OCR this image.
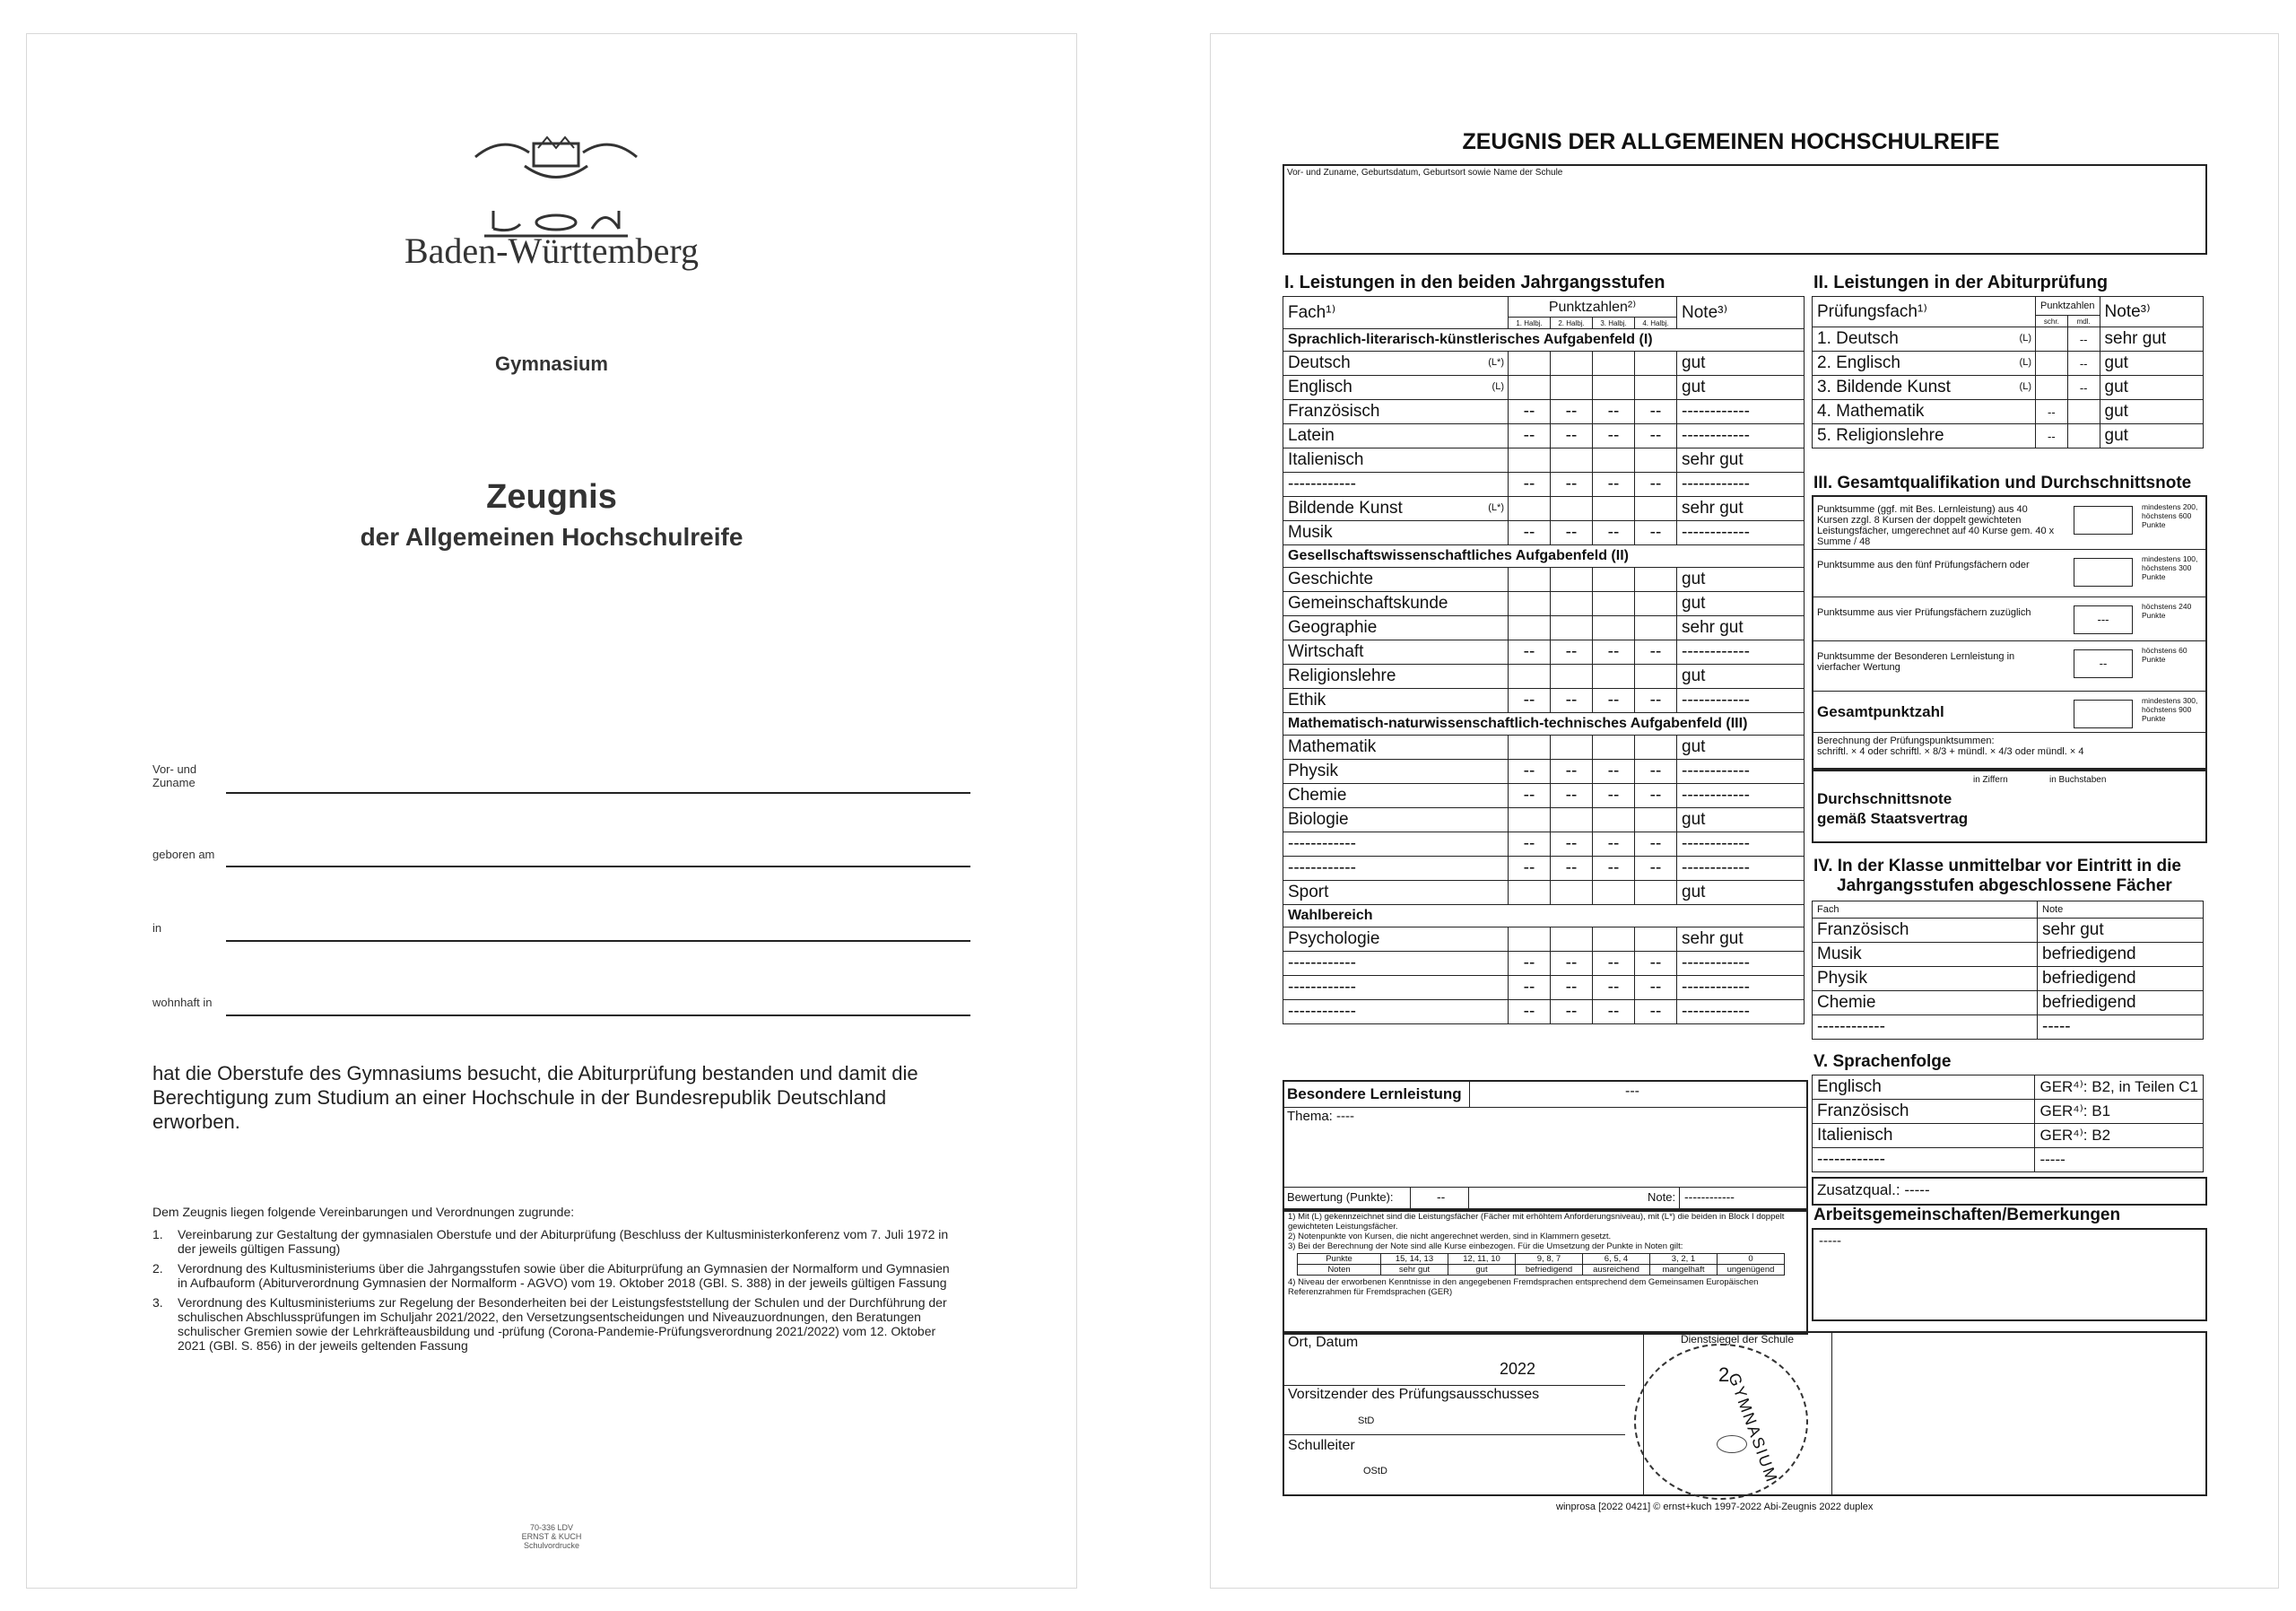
Baden-Württemberg
Gymnasium
Zeugnis
der Allgemeinen Hochschulreife
Vor- und
Zuname
geboren am
in
wohnhaft in
hat die Oberstufe des Gymnasiums besucht, die Abiturprüfung bestanden und damit die Berechtigung zum Studium an einer Hochschule in der Bundesrepublik Deutschland erworben.
Dem Zeugnis liegen folgende Vereinbarungen und Verordnungen zugrunde:
1.	Vereinbarung zur Gestaltung der gymnasialen Oberstufe und der Abiturprüfung (Beschluss der Kultusministerkonferenz vom 7. Juli 1972 in der jeweils gültigen Fassung)
2.	Verordnung des Kultusministeriums über die Jahrgangsstufen sowie über die Abiturprüfung an Gymnasien der Normalform und Gymnasien in Aufbauform (Abiturverordnung Gymnasien der Normalform - AGVO) vom 19. Oktober 2018 (GBl. S. 388) in der jeweils gültigen Fassung
3.	Verordnung des Kultusministeriums zur Regelung der Besonderheiten bei der Leistungsfeststellung der Schulen und der Durchführung der schulischen Abschlussprüfungen im Schuljahr 2021/2022, den Versetzungsentscheidungen und Niveauzuordnungen, den Beratungen schulischer Gremien sowie der Lehrkräfteausbildung und -prüfung (Corona-Pandemie-Prüfungsverordnung 2021/2022) vom 12. Oktober 2021 (GBl. S. 856) in der jeweils geltenden Fassung
70-336 LDV
ERNST & KUCH
Schulvordrucke
ZEUGNIS DER ALLGEMEINEN HOCHSCHULREIFE
Vor- und Zuname, Geburtsdatum, Geburtsort sowie Name der Schule
I. Leistungen in den beiden Jahrgangsstufen
Fach¹⁾	Punktzahlen²⁾				Note³⁾
	1. Halbj.	2. Halbj.	3. Halbj.	4. Halbj.	
Sprachlich-literarisch-künstlerisches Aufgabenfeld (I)					
Deutsch (L*)					gut
Englisch (L)					gut
Französisch	--	--	--	--	------------
Latein	--	--	--	--	------------
Italienisch					sehr gut
------------	--	--	--	--	------------
Bildende Kunst (L*)					sehr gut
Musik	--	--	--	--	------------
Gesellschaftswissenschaftliches Aufgabenfeld (II)					
Geschichte					gut
Gemeinschaftskunde					gut
Geographie					sehr gut
Wirtschaft	--	--	--	--	------------
Religionslehre					gut
Ethik	--	--	--	--	------------
Mathematisch-naturwissenschaftlich-technisches Aufgabenfeld (III)					
Mathematik					gut
Physik	--	--	--	--	------------
Chemie	--	--	--	--	------------
Biologie					gut
------------	--	--	--	--	------------
------------	--	--	--	--	------------
Sport					gut
Wahlbereich					
Psychologie					sehr gut
------------	--	--	--	--	------------
------------	--	--	--	--	------------
------------	--	--	--	--	------------
Besondere Lernleistung	---
Thema: ----
Bewertung (Punkte):	--	Note: ------------
1) Mit (L) gekennzeichnet sind die Leistungsfächer (Fächer mit erhöhtem Anforderungsniveau), mit (L*) die beiden in Block I doppelt gewichteten Leistungsfächer.
2) Notenpunkte von Kursen, die nicht angerechnet werden, sind in Klammern gesetzt.
3) Bei der Berechnung der Note sind alle Kurse einbezogen. Für die Umsetzung der Punkte in Noten gilt:
Punkte	15, 14, 13	12, 11, 10	9, 8, 7	6, 5, 4	3, 2, 1	0
Noten	sehr gut	gut	befriedigend	ausreichend	mangelhaft	ungenügend
4) Niveau der erworbenen Kenntnisse in den angegebenen Fremdsprachen entsprechend dem Gemeinsamen Europäischen Referenzrahmen für Fremdsprachen (GER)
II. Leistungen in der Abiturprüfung
Prüfungsfach¹⁾	Punktzahlen		Note³⁾
	schr.	mdl.	
1. Deutsch (L)		--	sehr gut
2. Englisch (L)		--	gut
3. Bildende Kunst (L)		--	gut
4. Mathematik	--		gut
5. Religionslehre	--		gut
III. Gesamtqualifikation und Durchschnittsnote
Punktsumme (ggf. mit Bes. Lernleistung) aus 40 Kursen zzgl. 8 Kursen der doppelt gewichteten Leistungsfächer, umgerechnet auf 40 Kurse gem. 40 x Summe / 48
mindestens 200, höchstens 600 Punkte
Punktsumme aus den fünf Prüfungsfächern oder
mindestens 100, höchstens 300 Punkte
Punktsumme aus vier Prüfungsfächern zuzüglich	---
höchstens 240 Punkte
Punktsumme der Besonderen Lernleistung in vierfacher Wertung	--
höchstens 60 Punkte
Gesamtpunktzahl
mindestens 300, höchstens 900 Punkte
Berechnung der Prüfungspunktsummen:
schriftl. × 4 oder schriftl. × 8/3 + mündl. × 4/3 oder mündl. × 4
in Ziffern	in Buchstaben
Durchschnittsnote
gemäß Staatsvertrag
IV. In der Klasse unmittelbar vor Eintritt in die
Jahrgangsstufen abgeschlossene Fächer
Fach	Note
Französisch	sehr gut
Musik	befriedigend
Physik	befriedigend
Chemie	befriedigend
------------	-----
V. Sprachenfolge
Englisch	GER⁴⁾: B2, in Teilen C1
Französisch	GER⁴⁾: B1
Italienisch	GER⁴⁾: B2
------------	-----
Zusatzqual.: -----
Arbeitsgemeinschaften/Bemerkungen
-----
Ort, Datum
2022
Vorsitzender des Prüfungsausschusses
StD
Schulleiter
OStD
Dienstsiegel der Schule
GYMNASIUM
2
winprosa [2022 0421] © ernst+kuch 1997-2022 Abi-Zeugnis 2022 duplex
